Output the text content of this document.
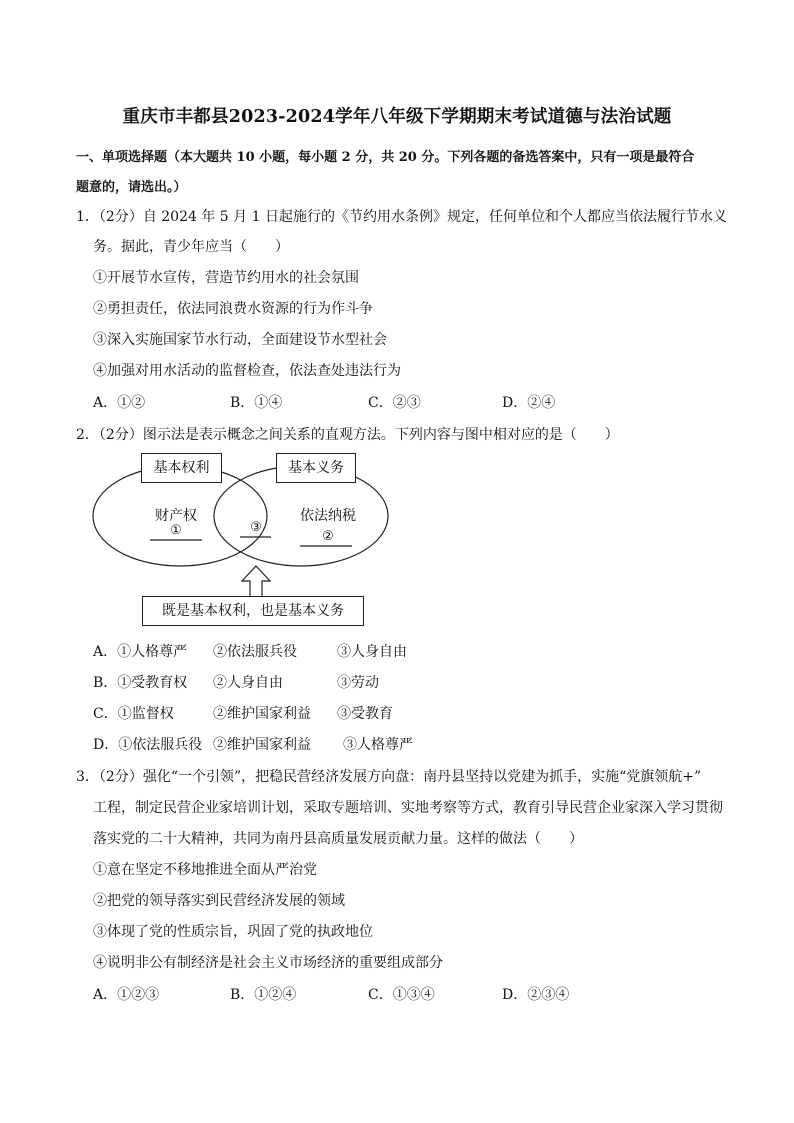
重庆市丰都县2023-2024学年八年级下学期期末考试道德与法治试题
一、单项选择题（本大题共 10 小题，每小题 2 分，共 20 分。下列各题的备选答案中，只有一项是最符合
题意的，请选出。）
1．（2分）自 2024 年 5 月 1 日起施行的《节约用水条例》规定，任何单位和个人都应当依法履行节水义
务。据此，青少年应当（　　）
①开展节水宣传，营造节约用水的社会氛围
②勇担责任，依法同浪费水资源的行为作斗争
③深入实施国家节水行动，全面建设节水型社会
④加强对用水活动的监督检查，依法查处违法行为
A．①②	B．①④	C．②③	D．②④
2．（2分）图示法是表示概念之间关系的直观方法。下列内容与图中相对应的是（　　）
基本权利	基本义务
财产权
①	③
依法纳税
②
既是基本权利，也是基本义务
A．①人格尊严 ②依法服兵役	③人身自由
B．①受教育权 ②人身自由	③劳动
C．①监督权	②维护国家利益 ③受教育
D．①依法服兵役 ②维护国家利益 ③人格尊严
3．（2分）强化“一个引领”，把稳民营经济发展方向盘：南丹县坚持以党建为抓手，实施“党旗领航+”
工程，制定民营企业家培训计划，采取专题培训、实地考察等方式，教育引导民营企业家深入学习贯彻
落实党的二十大精神，共同为南丹县高质量发展贡献力量。这样的做法（　　）
①意在坚定不移地推进全面从严治党
②把党的领导落实到民营经济发展的领域
③体现了党的性质宗旨，巩固了党的执政地位
④说明非公有制经济是社会主义市场经济的重要组成部分
A．①②③	B．①②④	C．①③④	D．②③④
